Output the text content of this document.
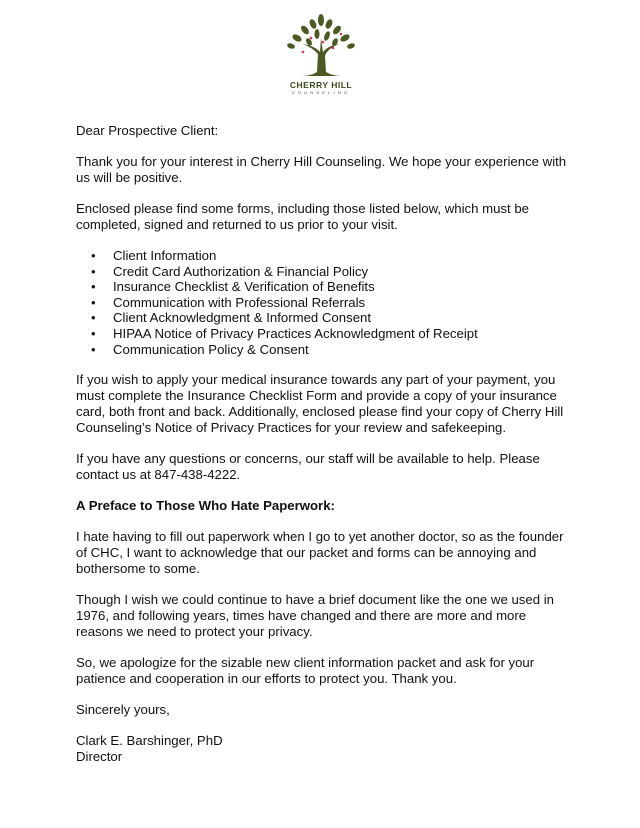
CHERRY HILL
COUNSELING

Dear Prospective Client:

Thank you for your interest in Cherry Hill Counseling. We hope your experience with us will be positive.

Enclosed please find some forms, including those listed below, which must be completed, signed and returned to us prior to your visit.

• Client Information
• Credit Card Authorization & Financial Policy
• Insurance Checklist & Verification of Benefits
• Communication with Professional Referrals
• Client Acknowledgment & Informed Consent
• HIPAA Notice of Privacy Practices Acknowledgment of Receipt
• Communication Policy & Consent

If you wish to apply your medical insurance towards any part of your payment, you must complete the Insurance Checklist Form and provide a copy of your insurance card, both front and back. Additionally, enclosed please find your copy of Cherry Hill Counseling’s Notice of Privacy Practices for your review and safekeeping.

If you have any questions or concerns, our staff will be available to help. Please contact us at 847-438-4222.

A Preface to Those Who Hate Paperwork:

I hate having to fill out paperwork when I go to yet another doctor, so as the founder of CHC, I want to acknowledge that our packet and forms can be annoying and bothersome to some.

Though I wish we could continue to have a brief document like the one we used in 1976, and following years, times have changed and there are more and more reasons we need to protect your privacy.

So, we apologize for the sizable new client information packet and ask for your patience and cooperation in our efforts to protect you. Thank you.

Sincerely yours,

Clark E. Barshinger, PhD

Director
